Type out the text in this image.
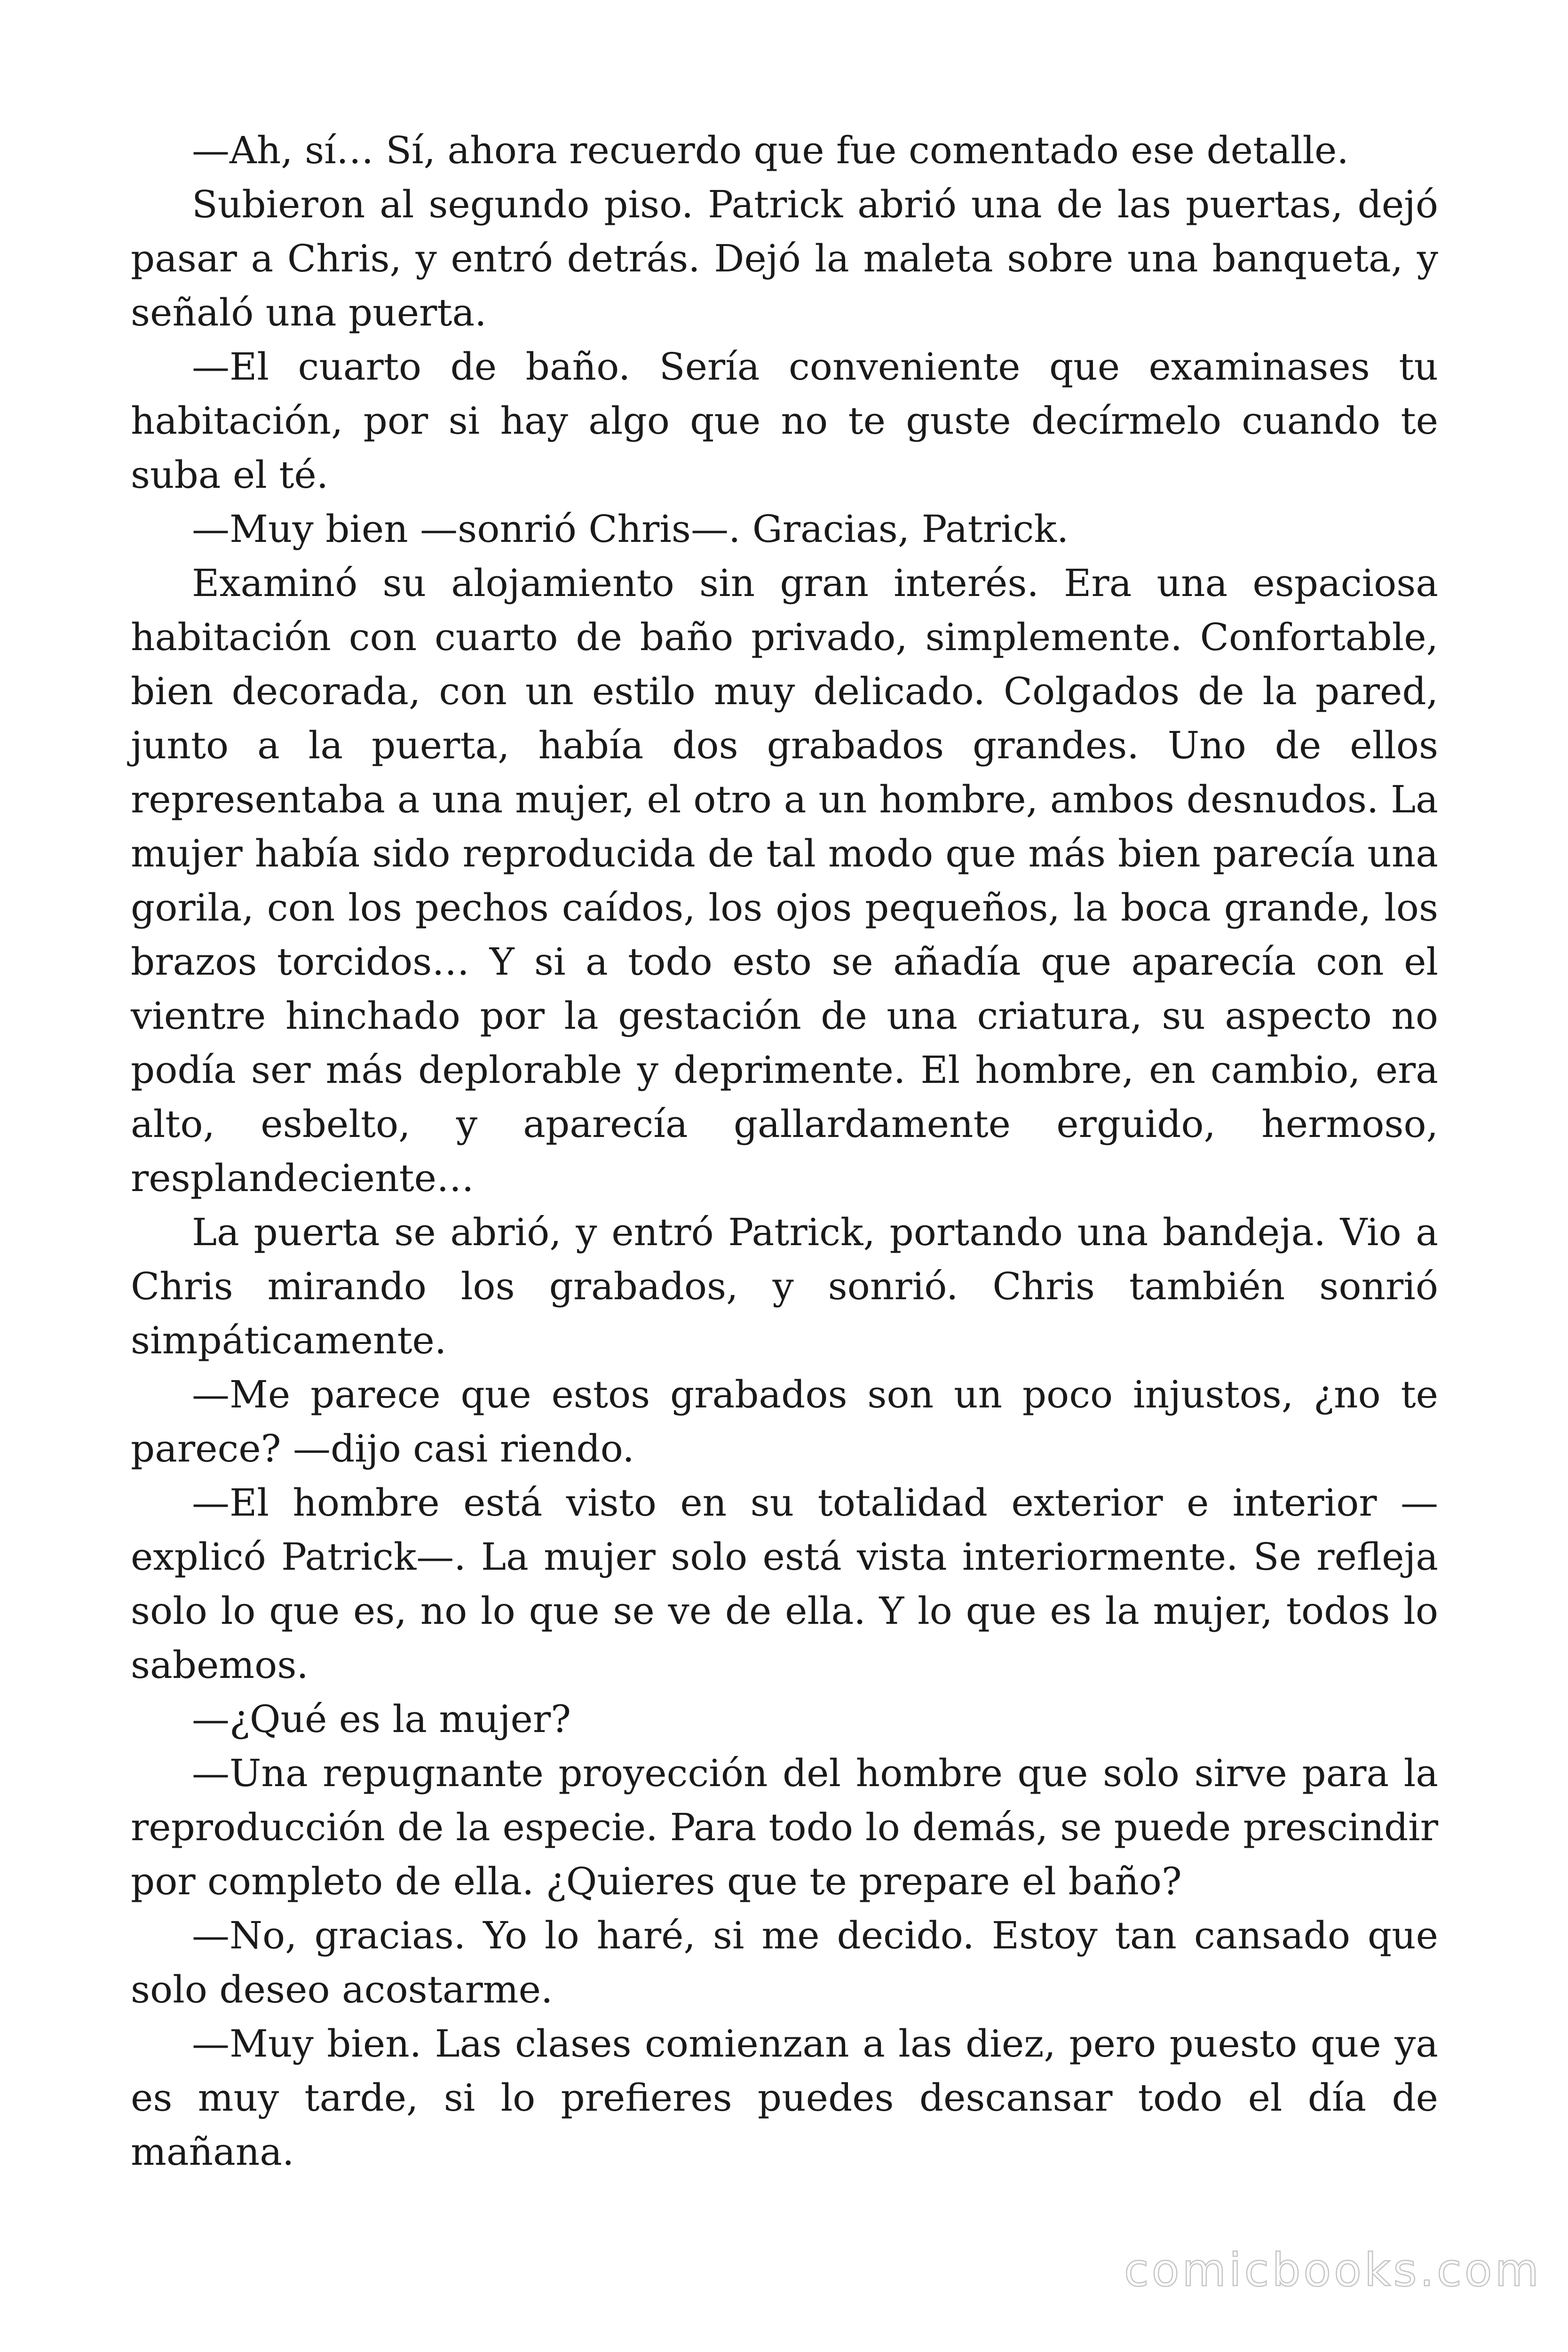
—Ah, sí… Sí, ahora recuerdo que fue comentado ese detalle.

Subieron al segundo piso. Patrick abrió una de las puertas, dejó pasar a Chris, y entró detrás. Dejó la maleta sobre una banqueta, y señaló una puerta.

—El cuarto de baño. Sería conveniente que examinases tu habitación, por si hay algo que no te guste decírmelo cuando te suba el té.

—Muy bien —sonrió Chris—. Gracias, Patrick.

Examinó su alojamiento sin gran interés. Era una espaciosa habitación con cuarto de baño privado, simplemente. Confortable, bien decorada, con un estilo muy delicado. Colgados de la pared, junto a la puerta, había dos grabados grandes. Uno de ellos representaba a una mujer, el otro a un hombre, ambos desnudos. La mujer había sido reproducida de tal modo que más bien parecía una gorila, con los pechos caídos, los ojos pequeños, la boca grande, los brazos torcidos… Y si a todo esto se añadía que aparecía con el vientre hinchado por la gestación de una criatura, su aspecto no podía ser más deplorable y deprimente. El hombre, en cambio, era alto, esbelto, y aparecía gallardamente erguido, hermoso, resplandeciente…

La puerta se abrió, y entró Patrick, portando una bandeja. Vio a Chris mirando los grabados, y sonrió. Chris también sonrió simpáticamente.

—Me parece que estos grabados son un poco injustos, ¿no te parece? —dijo casi riendo.

—El hombre está visto en su totalidad exterior e interior —explicó Patrick—. La mujer solo está vista interiormente. Se refleja solo lo que es, no lo que se ve de ella. Y lo que es la mujer, todos lo sabemos.

—¿Qué es la mujer?

—Una repugnante proyección del hombre que solo sirve para la reproducción de la especie. Para todo lo demás, se puede prescindir por completo de ella. ¿Quieres que te prepare el baño?

—No, gracias. Yo lo haré, si me decido. Estoy tan cansado que solo deseo acostarme.

—Muy bien. Las clases comienzan a las diez, pero puesto que ya es muy tarde, si lo prefieres puedes descansar todo el día de mañana.

comicbooks.com
